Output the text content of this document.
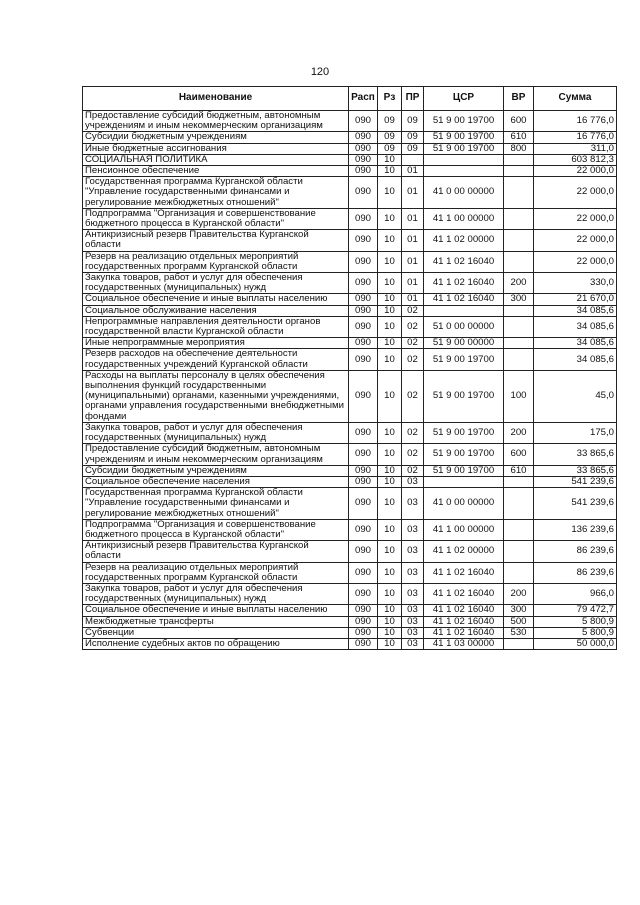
120
Наименование	Расп	Рз	ПР	ЦСР	ВР	Сумма
Предоставление субсидий бюджетным, автономным учреждениям и иным некоммерческим организациям	090	09	09	51 9 00 19700	600	16 776,0
Субсидии бюджетным учреждениям	090	09	09	51 9 00 19700	610	16 776,0
Иные бюджетные ассигнования	090	09	09	51 9 00 19700	800	311,0
СОЦИАЛЬНАЯ ПОЛИТИКА	090	10				603 812,3
Пенсионное обеспечение	090	10	01			22 000,0
Государственная программа Курганской области "Управление государственными финансами и регулирование межбюджетных отношений"	090	10	01	41 0 00 00000		22 000,0
Подпрограмма "Организация и совершенствование бюджетного процесса в Курганской области"	090	10	01	41 1 00 00000		22 000,0
Антикризисный резерв Правительства Курганской области	090	10	01	41 1 02 00000		22 000,0
Резерв на реализацию отдельных мероприятий государственных программ Курганской области	090	10	01	41 1 02 16040		22 000,0
Закупка товаров, работ и услуг для обеспечения государственных (муниципальных) нужд	090	10	01	41 1 02 16040	200	330,0
Социальное обеспечение и иные выплаты населению	090	10	01	41 1 02 16040	300	21 670,0
Социальное обслуживание населения	090	10	02			34 085,6
Непрограммные направления деятельности органов государственной власти Курганской области	090	10	02	51 0 00 00000		34 085,6
Иные непрограммные мероприятия	090	10	02	51 9 00 00000		34 085,6
Резерв расходов на обеспечение деятельности государственных учреждений Курганской области	090	10	02	51 9 00 19700		34 085,6
Расходы на выплаты персоналу в целях обеспечения выполнения функций государственными (муниципальными) органами, казенными учреждениями, органами управления государственными внебюджетными фондами	090	10	02	51 9 00 19700	100	45,0
Закупка товаров, работ и услуг для обеспечения государственных (муниципальных) нужд	090	10	02	51 9 00 19700	200	175,0
Предоставление субсидий бюджетным, автономным учреждениям и иным некоммерческим организациям	090	10	02	51 9 00 19700	600	33 865,6
Субсидии бюджетным учреждениям	090	10	02	51 9 00 19700	610	33 865,6
Социальное обеспечение населения	090	10	03			541 239,6
Государственная программа Курганской области "Управление государственными финансами и регулирование межбюджетных отношений"	090	10	03	41 0 00 00000		541 239,6
Подпрограмма "Организация и совершенствование бюджетного процесса в Курганской области"	090	10	03	41 1 00 00000		136 239,6
Антикризисный резерв Правительства Курганской области	090	10	03	41 1 02 00000		86 239,6
Резерв на реализацию отдельных мероприятий государственных программ Курганской области	090	10	03	41 1 02 16040		86 239,6
Закупка товаров, работ и услуг для обеспечения государственных (муниципальных) нужд	090	10	03	41 1 02 16040	200	966,0
Социальное обеспечение и иные выплаты населению	090	10	03	41 1 02 16040	300	79 472,7
Межбюджетные трансферты	090	10	03	41 1 02 16040	500	5 800,9
Субвенции	090	10	03	41 1 02 16040	530	5 800,9
Исполнение судебных актов по обращению	090	10	03	41 1 03 00000		50 000,0
